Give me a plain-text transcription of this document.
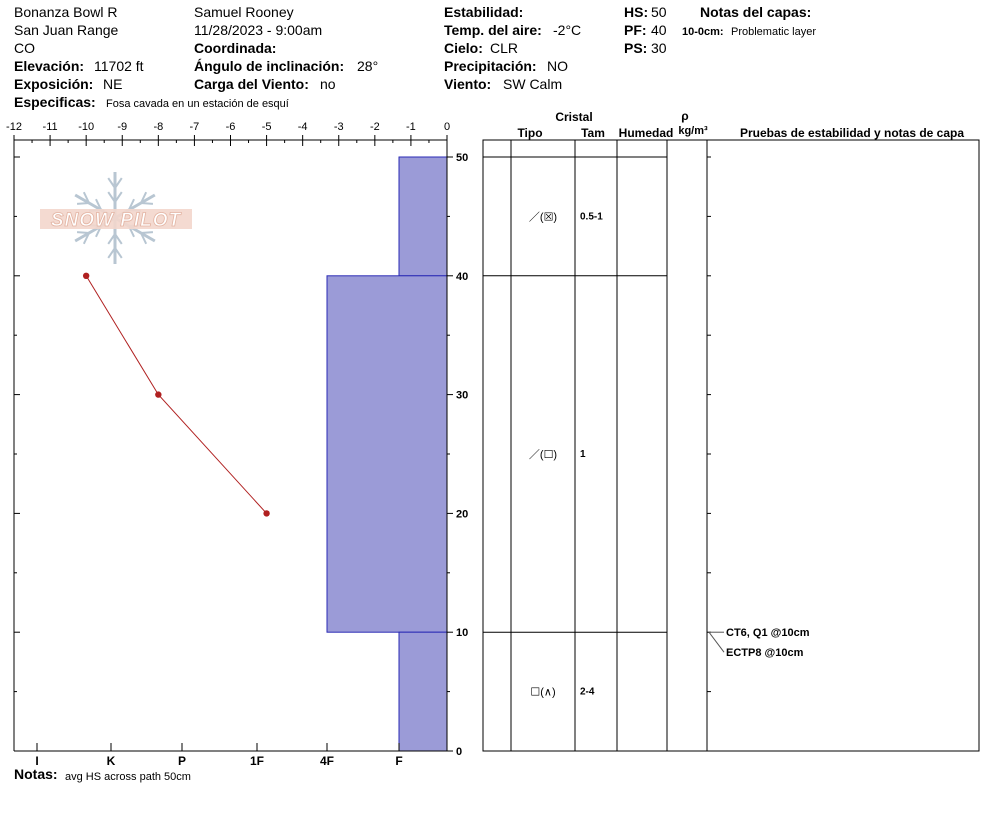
Bonanza Bowl R
San Juan Range
CO
Elevación: 11702 ft
Exposición: NE
Especificas: Fosa cavada en un estación de esquí
Samuel Rooney
11/28/2023 - 9:00am
Coordinada:
Ángulo de inclinación: 28°
Carga del Viento: no
Estabilidad:
Temp. del aire: -2°C
Cielo: CLR
Precipitación: NO
Viento: SW Calm
HS: 50
PF: 40
PS: 30
Notas del capas:
10-0cm: Problematic layer
Notas: avg HS across path 50cm
-12 -11 -10 -9 -8 -7 -6 -5 -4 -3 -2 -1	0
0
10
20
30
40
50
I	K	P	1F	4F	F
SNOW PILOT
Cristal
Tipo	Tam Humedad
ρ
kg/m³	Pruebas de estabilidad y notas de capa
／(☒) 0.5-1
／(☐) 1
☐(∧) 2-4
CT6, Q1 @10cm
ECTP8 @10cm
